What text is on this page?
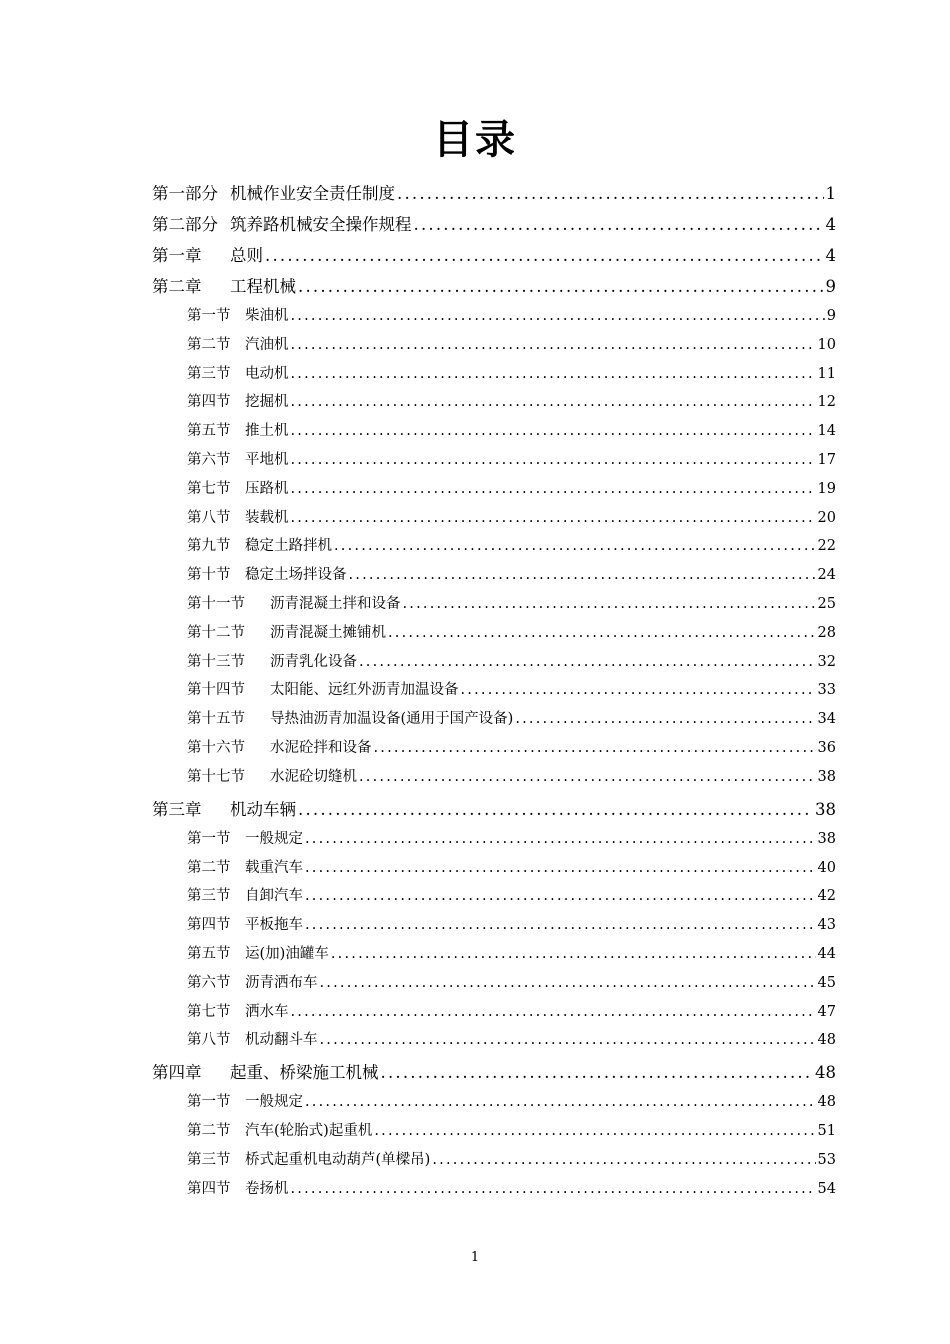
目录
第一部分 机械作业安全责任制度 .....	1
第二部分 筑养路机械安全操作规程 .....	4
第一章	总则 .....	4
第二章	工程机械 .....	9
第一节	柴油机 .....	9
第二节	汽油机 .....	10
第三节	电动机 .....	11
第四节	挖掘机 .....	12
第五节	推土机 .....	14
第六节	平地机 .....	17
第七节	压路机 .....	19
第八节	装载机 .....	20
第九节	稳定土路拌机 .....	22
第十节	稳定土场拌设备 .....	24
第十一节	沥青混凝土拌和设备 .....	25
第十二节	沥青混凝土摊铺机 .....	28
第十三节	沥青乳化设备 .....	32
第十四节	太阳能、远红外沥青加温设备 .....	33
第十五节	导热油沥青加温设备(通用于国产设备) .....	34
第十六节	水泥砼拌和设备 .....	36
第十七节	水泥砼切缝机 .....	38
第三章	机动车辆 .....	38
第一节	一般规定 .....	38
第二节	载重汽车 .....	40
第三节	自卸汽车 .....	42
第四节	平板拖车 .....	43
第五节	运(加)油罐车 .....	44
第六节	沥青洒布车 .....	45
第七节	洒水车 .....	47
第八节	机动翻斗车 .....	48
第四章	起重、桥梁施工机械 .....	48
第一节	一般规定 .....	48
第二节	汽车(轮胎式)起重机 .....	51
第三节	桥式起重机电动葫芦(单樑吊) .....	53
第四节	卷扬机 .....	54
1
